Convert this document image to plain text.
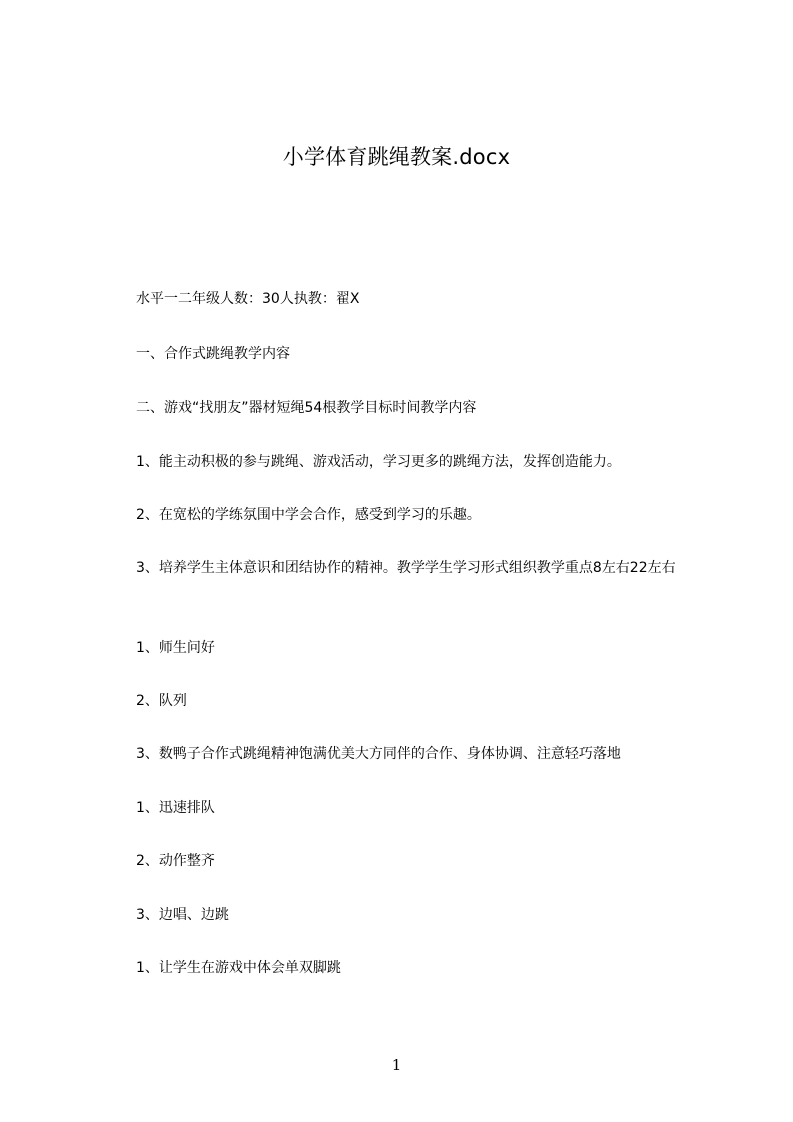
小学体育跳绳教案.docx
水平一二年级人数：30人执教：翟X
一、合作式跳绳教学内容
二、游戏“找朋友”器材短绳54根教学目标时间教学内容
1、能主动积极的参与跳绳、游戏活动，学习更多的跳绳方法，发挥创造能力。
2、在宽松的学练氛围中学会合作，感受到学习的乐趣。
3、培养学生主体意识和团结协作的精神。教学学生学习形式组织教学重点8左右22左右
1、师生问好
2、队列
3、数鸭子合作式跳绳精神饱满优美大方同伴的合作、身体协调、注意轻巧落地
1、迅速排队
2、动作整齐
3、边唱、边跳
1、让学生在游戏中体会单双脚跳
1
